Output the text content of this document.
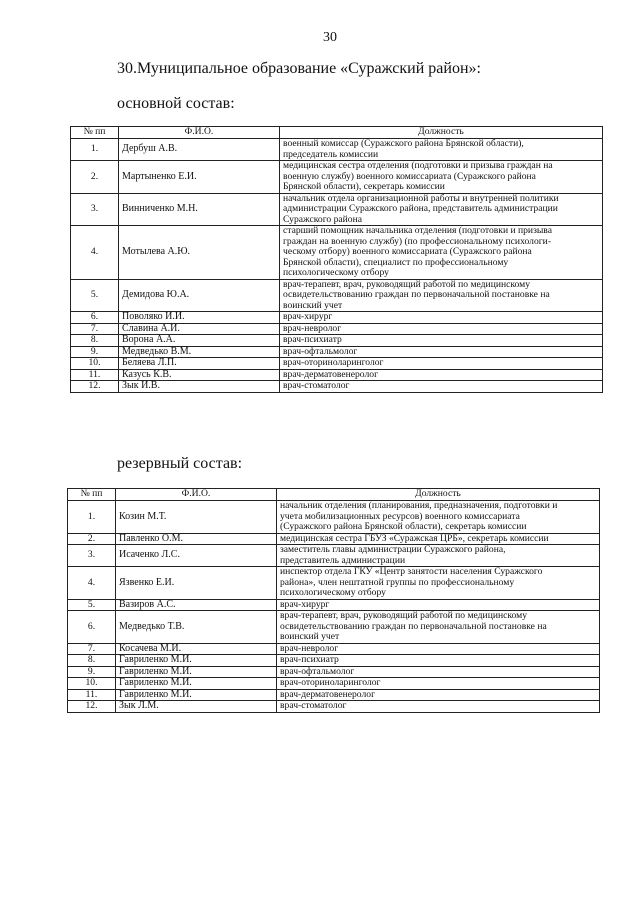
30
30.Муниципальное образование «Суражский район»:
основной состав:
№ пп	Ф.И.О.	Должность
1.	Дербуш А.В.	военный комиссар (Суражского района Брянской области),
председатель комиссии
2.	Мартыненко Е.И.	медицинская сестра отделения (подготовки и призыва граждан на
военную службу) военного комиссариата (Суражского района
Брянской области), секретарь комиссии
3.	Винниченко М.Н.	начальник отдела организационной работы и внутренней политики
администрации Суражского района, представитель администрации
Суражского района
4.	Мотылева А.Ю.	старший помощник начальника отделения (подготовки и призыва
граждан на военную службу) (по профессиональному психологи-
ческому отбору) военного комиссариата (Суражского района
Брянской области), специалист по профессиональному
психологическому отбору
5.	Демидова Ю.А.	врач-терапевт, врач, руководящий работой по медицинскому
освидетельствованию граждан по первоначальной постановке на
воинский учет
6.	Поволяко И.И.	врач-хирург
7.	Славина А.И.	врач-невролог
8.	Ворона А.А.	врач-психиатр
9.	Медведько В.М.	врач-офтальмолог
10.	Беляева Л.П.	врач-оториноларинголог
11.	Казусь К.В.	врач-дерматовенеролог
12.	Зык И.В.	врач-стоматолог
резервный состав:
№ пп	Ф.И.О.	Должность
1.	Козин М.Т.	начальник отделения (планирования, предназначения, подготовки и
учета мобилизационных ресурсов) военного комиссариата
(Суражского района Брянской области), секретарь комиссии
2.	Павленко О.М.	медицинская сестра ГБУЗ «Суражская ЦРБ», секретарь комиссии
3.	Исаченко Л.С.	заместитель главы администрации Суражского района,
представитель администрации
4.	Язвенко Е.И.	инспектор отдела ГКУ «Центр занятости населения Суражского
района», член нештатной группы по профессиональному
психологическому отбору
5.	Вазиров А.С.	врач-хирург
6.	Медведько Т.В.	врач-терапевт, врач, руководящий работой по медицинскому
освидетельствованию граждан по первоначальной постановке на
воинский учет
7.	Косачева М.И.	врач-невролог
8.	Гавриленко М.И.	врач-психиатр
9.	Гавриленко М.И.	врач-офтальмолог
10.	Гавриленко М.И.	врач-оториноларинголог
11.	Гавриленко М.И.	врач-дерматовенеролог
12.	Зык Л.М.	врач-стоматолог
